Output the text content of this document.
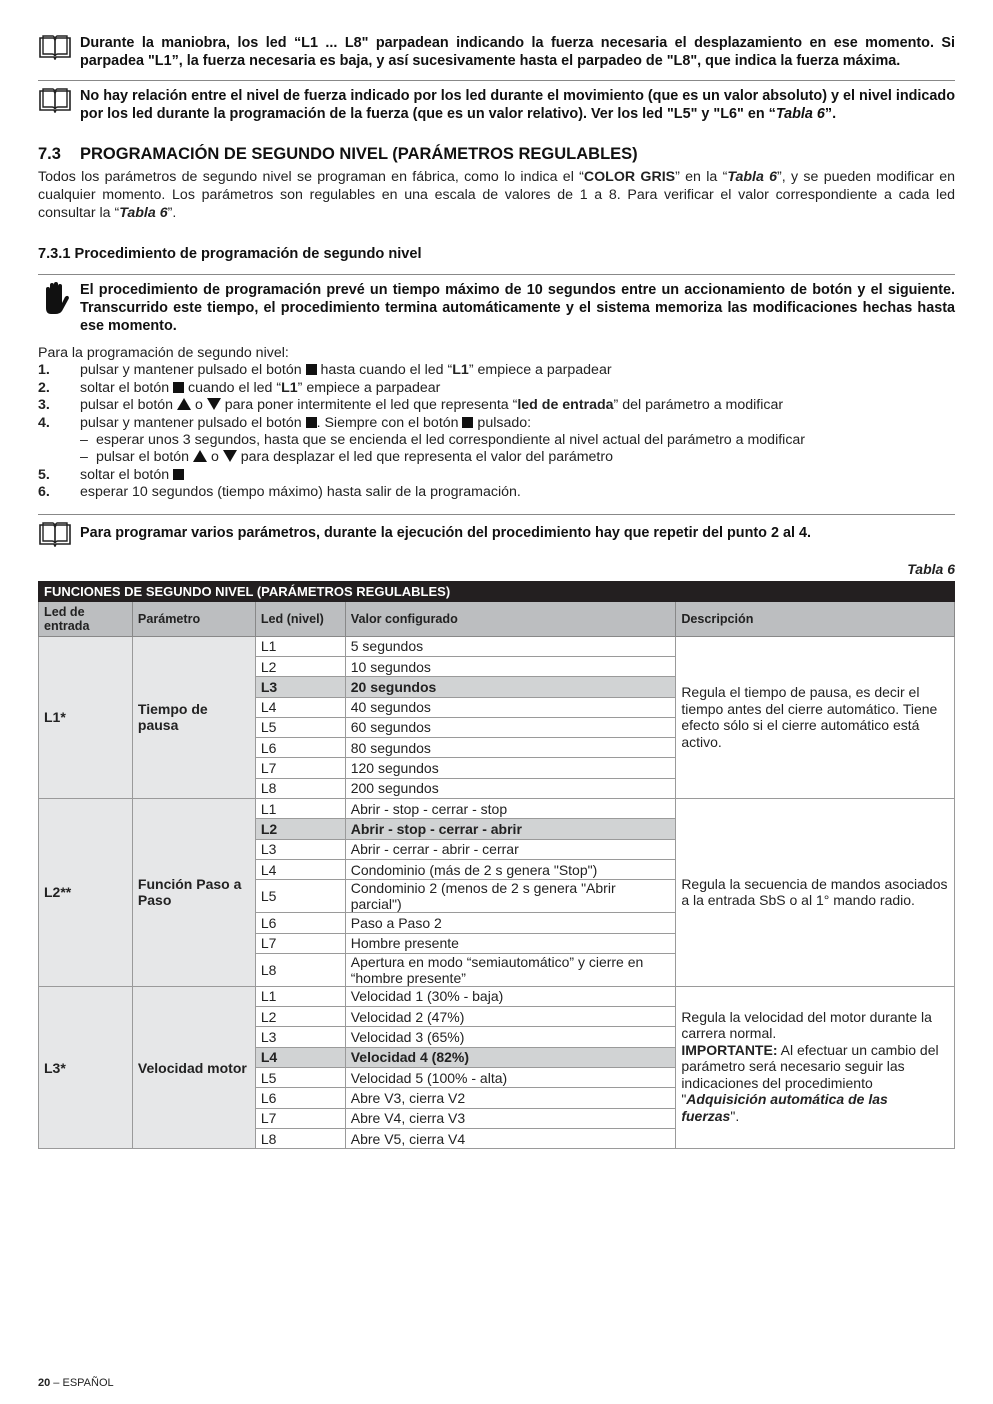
Durante la maniobra, los led “L1 ... L8" parpadean indicando la fuerza necesaria el desplazamiento en ese momento. Si parpadea "L1”, la fuerza necesaria es baja, y así sucesivamente hasta el parpadeo de "L8", que indica la fuerza máxima.
No hay relación entre el nivel de fuerza indicado por los led durante el movimiento (que es un valor absoluto) y el nivel indicado por los led durante la programación de la fuerza (que es un valor relativo). Ver los led "L5" y "L6" en “Tabla 6”.
7.3 PROGRAMACIÓN DE SEGUNDO NIVEL (PARÁMETROS REGULABLES)

Todos los parámetros de segundo nivel se programan en fábrica, como lo indica el “COLOR GRIS” en la “Tabla 6”, y se pueden modificar en cualquier momento. Los parámetros son regulables en una escala de valores de 1 a 8. Para verificar el valor correspondiente a cada led consultar la “Tabla 6”.

7.3.1 Procedimiento de programación de segundo nivel
El procedimiento de programación prevé un tiempo máximo de 10 segundos entre un accionamiento de botón y el siguiente. Transcurrido este tiempo, el procedimiento termina automáticamente y el sistema memoriza las modificaciones hechas hasta ese momento.
Para la programación de segundo nivel:
1.	pulsar y mantener pulsado el botón  hasta cuando el led “L1” empiece a parpadear
2.	soltar el botón  cuando el led “L1” empiece a parpadear
3.	pulsar el botón  o  para poner intermitente el led que representa “led de entrada” del parámetro a modificar
4.	pulsar y mantener pulsado el botón . Siempre con el botón  pulsado:
– esperar unos 3 segundos, hasta que se encienda el led correspondiente al nivel actual del parámetro a modificar
– pulsar el botón  o  para desplazar el led que representa el valor del parámetro
5.	soltar el botón
6.	esperar 10 segundos (tiempo máximo) hasta salir de la programación.
Para programar varios parámetros, durante la ejecución del procedimiento hay que repetir del punto 2 al 4.
Tabla 6
FUNCIONES DE SEGUNDO NIVEL (PARÁMETROS REGULABLES)				
Led de entrada	Parámetro	Led (nivel)	Valor configurado	Descripción
L1*	Tiempo de pausa	L1	5 segundos	Regula el tiempo de pausa, es decir el tiempo antes del cierre automático. Tiene efecto sólo si el cierre automático está activo.
		L2	10 segundos	
		L3	20 segundos	
		L4	40 segundos	
		L5	60 segundos	
		L6	80 segundos	
		L7	120 segundos	
		L8	200 segundos	
L2**	Función Paso a Paso	L1	Abrir - stop - cerrar - stop	Regula la secuencia de mandos asociados a la entrada SbS o al 1° mando radio.
		L2	Abrir - stop - cerrar - abrir	
		L3	Abrir - cerrar - abrir - cerrar	
		L4	Condominio (más de 2 s genera "Stop")	
		L5	Condominio 2 (menos de 2 s genera "Abrir parcial")	
		L6	Paso a Paso 2	
		L7	Hombre presente	
		L8	Apertura en modo “semiautomático” y cierre en “hombre presente”	
L3*	Velocidad motor	L1	Velocidad 1 (30% - baja)	Regula la velocidad del motor durante la carrera normal.
IMPORTANTE: Al efectuar un cambio del parámetro será necesario seguir las indicaciones del procedimiento "Adquisición automática de las fuerzas".
		L2	Velocidad 2 (47%)	
		L3	Velocidad 3 (65%)	
		L4	Velocidad 4 (82%)	
		L5	Velocidad 5 (100% - alta)	
		L6	Abre V3, cierra V2	
		L7	Abre V4, cierra V3	
		L8	Abre V5, cierra V4	
20 – ESPAÑOL
